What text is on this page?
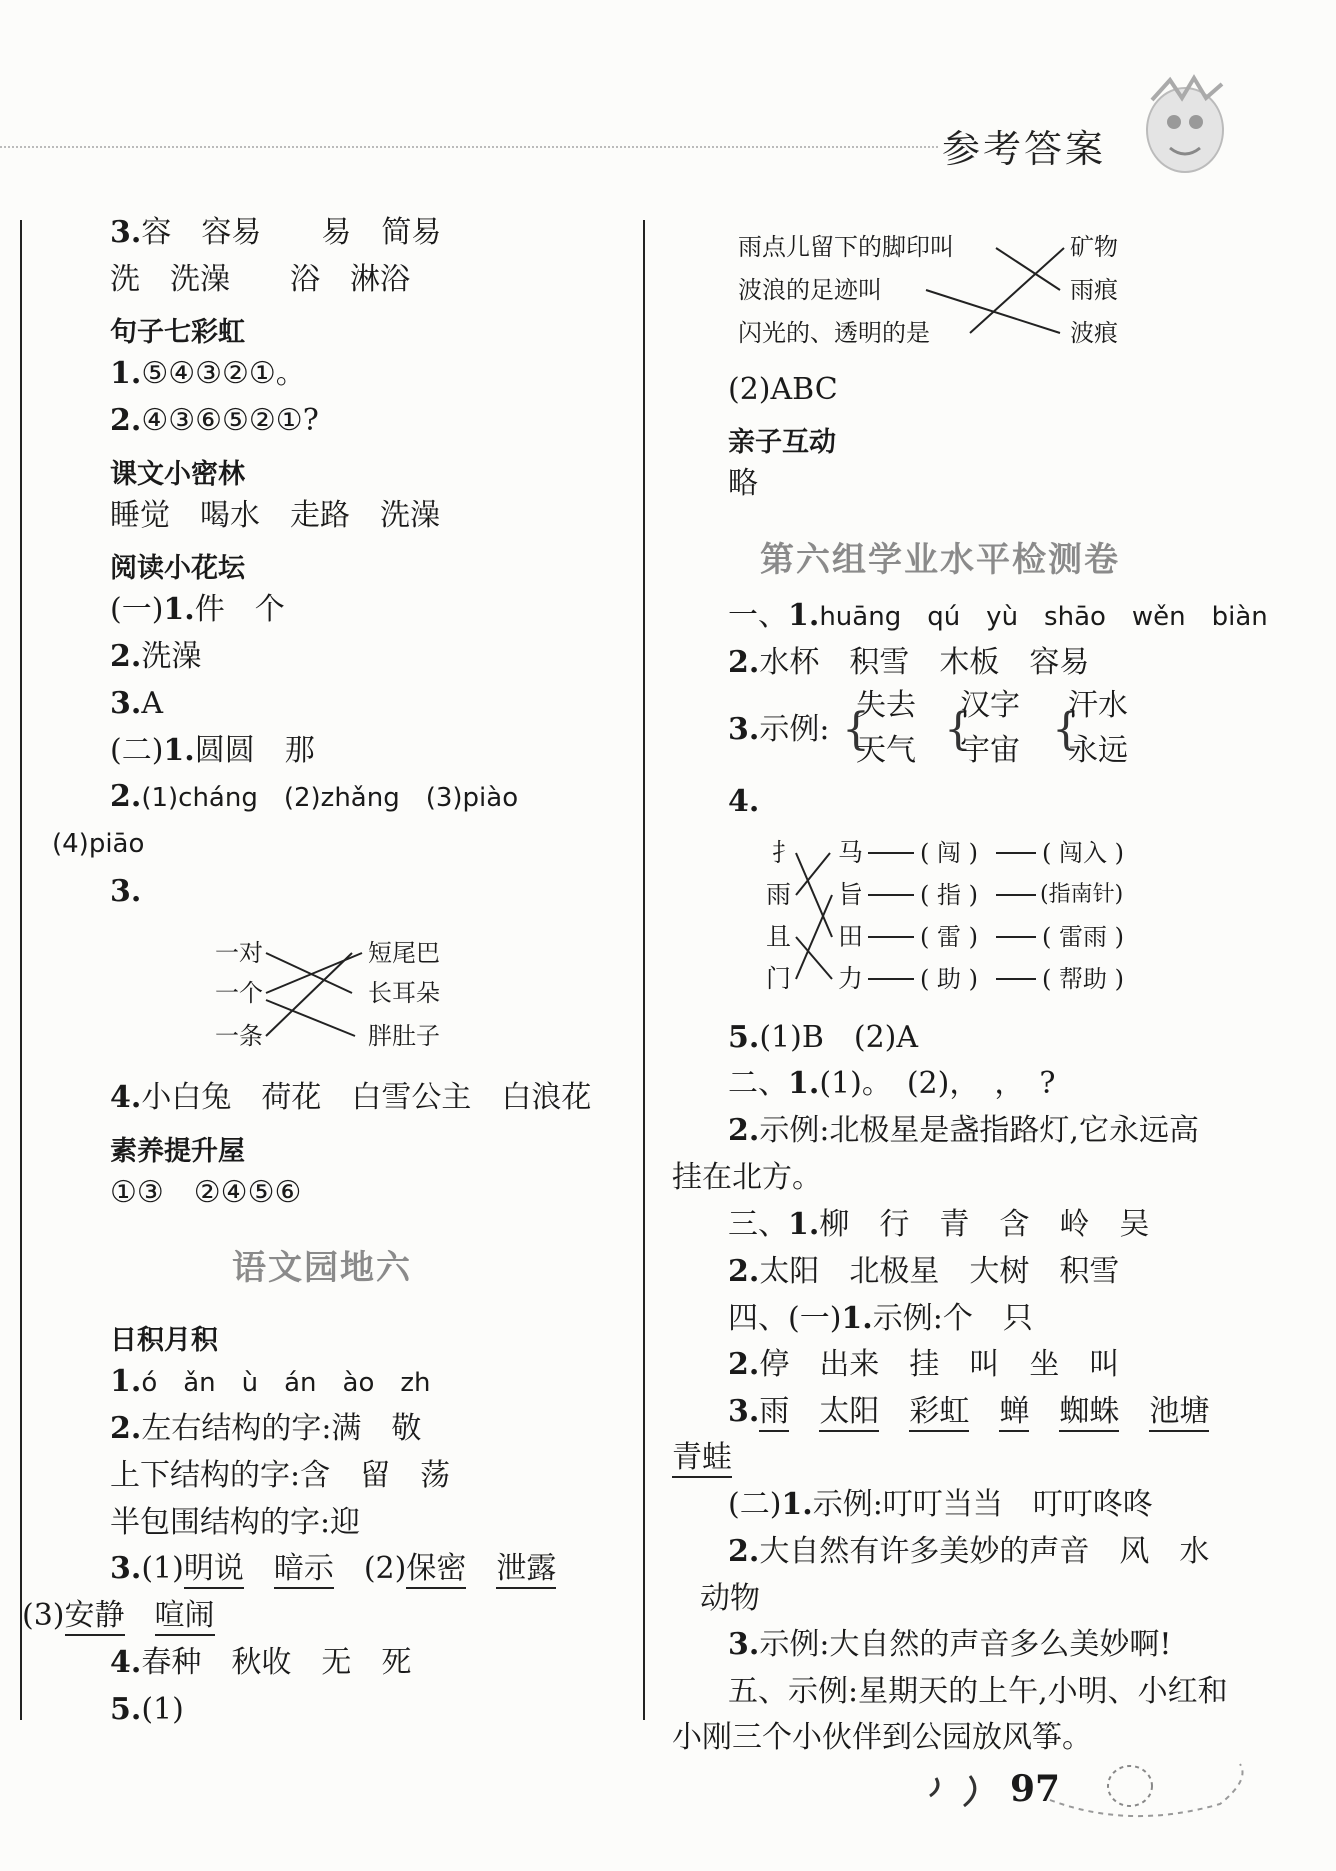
参考答案
3.容　容易　　易　简易
洗　洗澡　　浴　淋浴
句子七彩虹
1.⑤④③②①。
2.④③⑥⑤②①?
课文小密林
睡觉　喝水　走路　洗澡
阅读小花坛
(一)1.件　个
2.洗澡
3.A
(二)1.圆圆　那
2.(1)cháng　(2)zhǎng　(3)piào
(4)piāo
3.
一对
一个
一条
短尾巴
长耳朵
胖肚子
4.小白兔　荷花　白雪公主　白浪花
素养提升屋
①③　②④⑤⑥
语文园地六
日积月积
1.ó　ǎn　ù　án　ào　zh
2.左右结构的字:满　敬
上下结构的字:含　留　荡
半包围结构的字:迎
3.(1)明说　 暗示　 (2)保密　 泄露
(3)安静　 喧闹
4.春种　秋收　无　死
5.(1)
雨点儿留下的脚印叫
波浪的足迹叫
闪光的、透明的是
矿物
雨痕
波痕
(2)ABC
亲子互动
略
第六组学业水平检测卷
一、1.huāng　qú　yù　shāo　wěn　biàn
2.水杯　积雪　木板　容易
3.示例: {
失去
天气 {
汉字
宇宙 {
汗水
永远
4.
扌
雨
且
门
马
旨
田
力
( 闯 )
( 指 )
( 雷 )
( 助 )
( 闯入 )
(指南针)
( 雷雨 )
( 帮助 )
5.(1)B　(2)A
二、1.(1)。　(2)，　，　?
2.示例:北极星是盏指路灯,它永远高
挂在北方。
三、1.柳　行　青　含　岭　吴
2.太阳　北极星　大树　积雪
四、(一)1.示例:个　只
2.停　出来　挂　叫　坐　叫
3.雨　 太阳　 彩虹　 蝉　 蜘蛛　 池塘
青蛙
(二)1.示例:叮叮当当　叮叮咚咚
2.大自然有许多美妙的声音　风　水
动物
3.示例:大自然的声音多么美妙啊!
五、示例:星期天的上午,小明、小红和
小刚三个小伙伴到公园放风筝。
97
